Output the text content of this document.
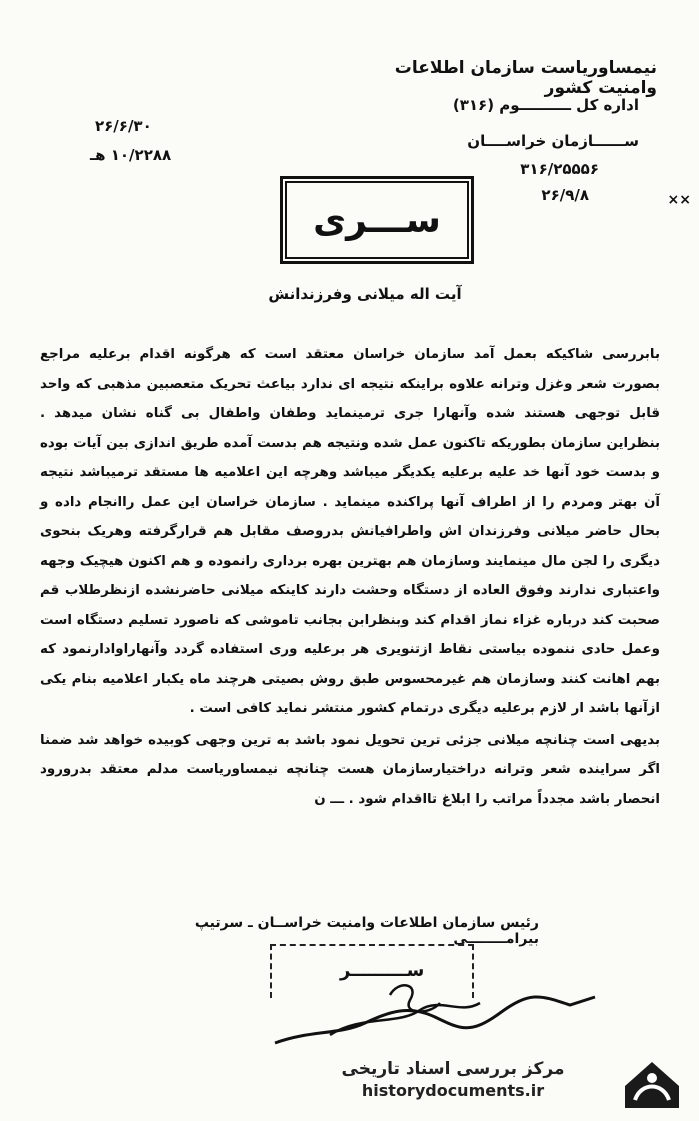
نیمساوریاست سازمان اطلاعات وامنیت کشور
اداره کل ــــــــــوم (۳۱۶)
ســــــازمان خراســــان
۳۱۶/۲۵۵۵۶
۲۶/۹/۸	××
۲۶/۶/۳۰
۱۰/۲۲۸۸ هـ
ســـرى
آیت اله میلانی وفرزندانش

بابررسی شاکیکه بعمل آمد سازمان خراسان معتقد است که هرگونه اقدام برعلیه مراجع بصورت شعر وغزل وترانه علاوه براینکه نتیجه ای ندارد بیاعث تحریک متعصبین مذهبی که واحد قابل توجهی هستند شده وآنهارا جری ترمینماید وطفان واطفال بی گناه نشان میدهد . بنظراین سازمان بطوریکه تاکنون عمل شده ونتیجه هم بدست آمده طریق اندازی بین آیات بوده و بدست خود آنها خد علیه برعلیه یکدیگر میباشد وهرچه این اعلامیه ها مستقد ترمیباشد نتیجه آن بهتر ومردم را از اطراف آنها پراکنده مینماید . سازمان خراسان این عمل راانجام داده و بحال حاضر میلانی وفرزندان اش واطرافیانش بدروصف مقابل هم قرارگرفته وهریک بنحوی دیگری را لجن مال مینمایند وسازمان هم بهترین بهره برداری رانموده و هم اکنون هیچیک وجهه واعتباری ندارند وفوق العاده از دستگاه وحشت دارند کاینکه میلانی حاضرنشده ازنظرطلاب قم صحبت کند درباره غزاء نماز اقدام کند وبنظرابن بجانب تاموشی که ناصورد تسلیم دستگاه است وعمل حادی ننموده بیاستی نقاط ازتنویری هر برعلیه وری استفاده گردد وآنهاراوادارنمود که بهم اهانت کنند وسازمان هم غیرمحسوس طبق روش بصیتی هرچند ماه یکبار اعلامیه بنام یکی ازآنها باشد ار لازم برعلیه دیگری درتمام کشور منتشر نماید کافی است .

بدیهی است چنانچه میلانی جزئی ترین تحویل نمود باشد به ترین وجهی کوبیده خواهد شد ضمنا اگر سراینده شعر وترانه دراختیارسازمان هست چنانچه نیمساوریاست مدلم معتقد بدرورود انحصار باشد مجدداً مراتب را ابلاغ تااقدام شود . ـــ ن

رئیس سازمان اطلاعات وامنیت خراســان ـ سرتیپ بیرامــــــــی
ســـــــــر
مرکز بررسی اسناد تاریخی
historydocuments.ir
